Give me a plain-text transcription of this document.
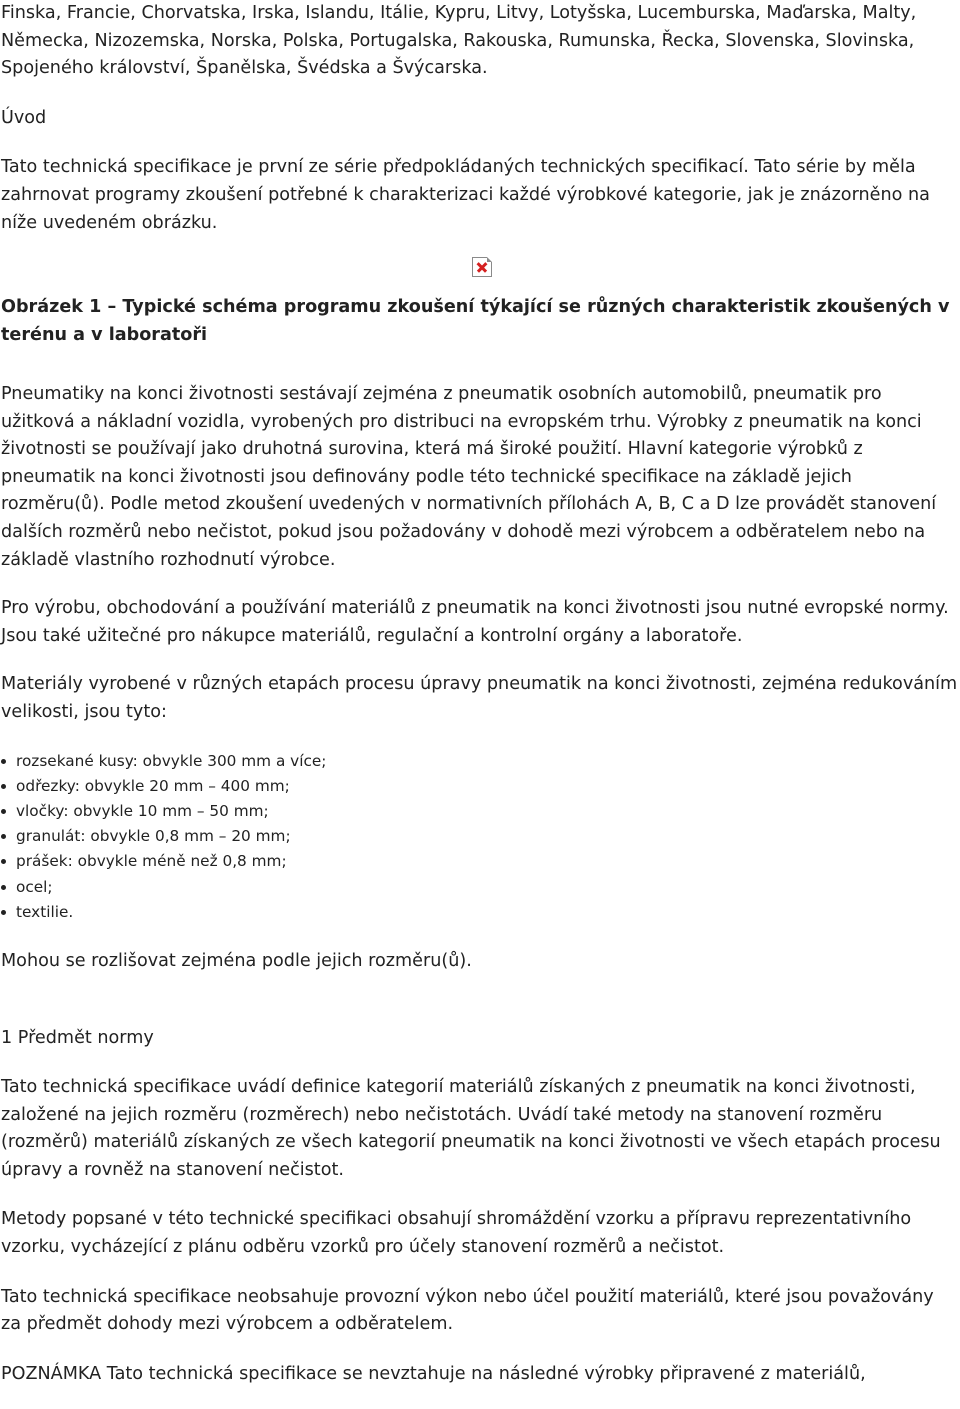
Finska, Francie, Chorvatska, Irska, Islandu, Itálie, Kypru, Litvy, Lotyšska, Lucemburska, Maďarska, Malty, Německa, Nizozemska, Norska, Polska, Portugalska, Rakouska, Rumunska, Řecka, Slovenska, Slovinska, Spojeného království, Španělska, Švédska a Švýcarska.

Úvod

Tato technická specifikace je první ze série předpokládaných technických specifikací. Tato série by měla zahrnovat programy zkoušení potřebné k charakterizaci každé výrobkové kategorie, jak je znázorněno na níže uvedeném obrázku.

Obrázek 1 – Typické schéma programu zkoušení týkající se různých charakteristik zkoušených v terénu a v laboratoři

Pneumatiky na konci životnosti sestávají zejména z pneumatik osobních automobilů, pneumatik pro užitková a nákladní vozidla, vyrobených pro distribuci na evropském trhu. Výrobky z pneumatik na konci životnosti se používají jako druhotná surovina, která má široké použití. Hlavní kategorie výrobků z pneumatik na konci životnosti jsou definovány podle této technické specifikace na základě jejich rozměru(ů). Podle metod zkoušení uvedených v normativních přílohách A, B, C a D lze provádět stanovení dalších rozměrů nebo nečistot, pokud jsou požadovány v dohodě mezi výrobcem a odběratelem nebo na základě vlastního rozhodnutí výrobce.

Pro výrobu, obchodování a používání materiálů z pneumatik na konci životnosti jsou nutné evropské normy. Jsou také užitečné pro nákupce materiálů, regulační a kontrolní orgány a laboratoře.

Materiály vyrobené v různých etapách procesu úpravy pneumatik na konci životnosti, zejména redukováním velikosti, jsou tyto:

rozsekané kusy: obvykle 300 mm a více;
odřezky: obvykle 20 mm – 400 mm;
vločky: obvykle 10 mm – 50 mm;
granulát: obvykle 0,8 mm – 20 mm;
prášek: obvykle méně než 0,8 mm;
ocel;
textilie.

Mohou se rozlišovat zejména podle jejich rozměru(ů).

1 Předmět normy

Tato technická specifikace uvádí definice kategorií materiálů získaných z pneumatik na konci životnosti, založené na jejich rozměru (rozměrech) nebo nečistotách. Uvádí také metody na stanovení rozměru (rozměrů) materiálů získaných ze všech kategorií pneumatik na konci životnosti ve všech etapách procesu úpravy a rovněž na stanovení nečistot.

Metody popsané v této technické specifikaci obsahují shromáždění vzorku a přípravu reprezentativního vzorku, vycházející z plánu odběru vzorků pro účely stanovení rozměrů a nečistot.

Tato technická specifikace neobsahuje provozní výkon nebo účel použití materiálů, které jsou považovány za předmět dohody mezi výrobcem a odběratelem.

POZNÁMKA Tato technická specifikace se nevztahuje na následné výrobky připravené z materiálů,
